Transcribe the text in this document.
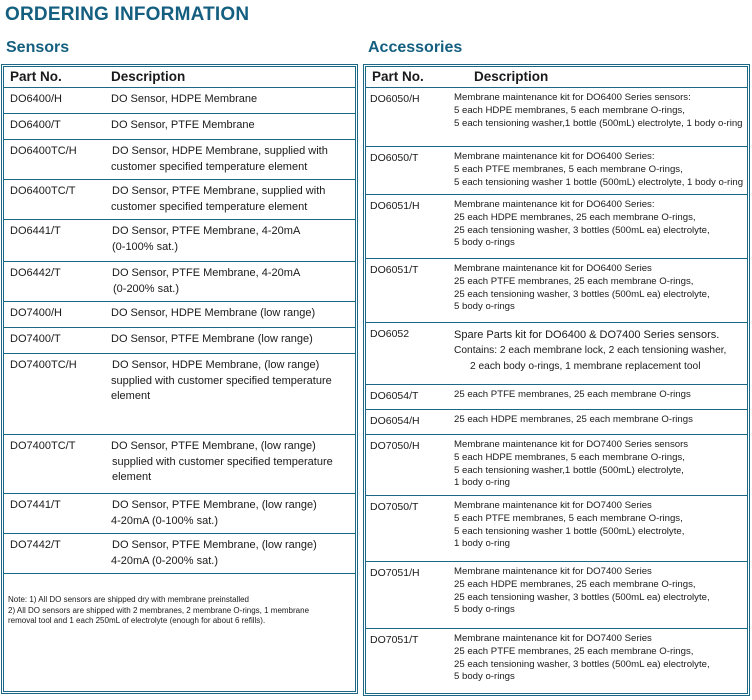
ORDERING INFORMATION
Sensors	Accessories
Part No.	Description
DO6400/H	DO Sensor, HDPE Membrane
DO6400/T	DO Sensor, PTFE Membrane
DO6400TC/H	DO Sensor, HDPE Membrane, supplied with
customer specified temperature element
DO6400TC/T	DO Sensor, PTFE Membrane, supplied with
customer specified temperature element
DO6441/T	DO Sensor, PTFE Membrane, 4-20mA
(0-100% sat.)
DO6442/T	DO Sensor, PTFE Membrane, 4-20mA
(0-200% sat.)
DO7400/H	DO Sensor, HDPE Membrane (low range)
DO7400/T	DO Sensor, PTFE Membrane (low range)
DO7400TC/H	DO Sensor, HDPE Membrane, (low range)
supplied with customer specified temperature
element
DO7400TC/T	DO Sensor, PTFE Membrane, (low range)
supplied with customer specified temperature
element
DO7441/T	DO Sensor, PTFE Membrane, (low range)
4-20mA (0-100% sat.)
DO7442/T	DO Sensor, PTFE Membrane, (low range)
4-20mA (0-200% sat.)
Note: 1) All DO sensors are shipped dry with membrane preinstalled
2) All DO sensors are shipped with 2 membranes, 2 membrane O-rings, 1 membrane
removal tool and 1 each 250mL of electrolyte (enough for about 6 refills).
Part No.	Description
DO6050/H	Membrane maintenance kit for DO6400 Series sensors:
5 each HDPE membranes, 5 each membrane O-rings,
5 each tensioning washer,1 bottle (500mL) electrolyte, 1 body o-ring
DO6050/T	Membrane maintenance kit for DO6400 Series:
5 each PTFE membranes, 5 each membrane O-rings,
5 each tensioning washer 1 bottle (500mL) electrolyte, 1 body o-ring
DO6051/H	Membrane maintenance kit for DO6400 Series:
25 each HDPE membranes, 25 each membrane O-rings,
25 each tensioning washer, 3 bottles (500mL ea) electrolyte,
5 body o-rings
DO6051/T	Membrane maintenance kit for DO6400 Series
25 each PTFE membranes, 25 each membrane O-rings,
25 each tensioning washer, 3 bottles (500mL ea) electrolyte,
5 body o-rings
DO6052	Spare Parts kit for DO6400 & DO7400 Series sensors.
Contains: 2 each membrane lock, 2 each tensioning washer,
2 each body o-rings, 1 membrane replacement tool
DO6054/T	25 each PTFE membranes, 25 each membrane O-rings
DO6054/H	25 each HDPE membranes, 25 each membrane O-rings
DO7050/H	Membrane maintenance kit for DO7400 Series sensors
5 each HDPE membranes, 5 each membrane O-rings,
5 each tensioning washer,1 bottle (500mL) electrolyte,
1 body o-ring
DO7050/T	Membrane maintenance kit for DO7400 Series
5 each PTFE membranes, 5 each membrane O-rings,
5 each tensioning washer 1 bottle (500mL) electrolyte,
1 body o-ring
DO7051/H	Membrane maintenance kit for DO7400 Series
25 each HDPE membranes, 25 each membrane O-rings,
25 each tensioning washer, 3 bottles (500mL ea) electrolyte,
5 body o-rings
DO7051/T	Membrane maintenance kit for DO7400 Series
25 each PTFE membranes, 25 each membrane O-rings,
25 each tensioning washer, 3 bottles (500mL ea) electrolyte,
5 body o-rings
